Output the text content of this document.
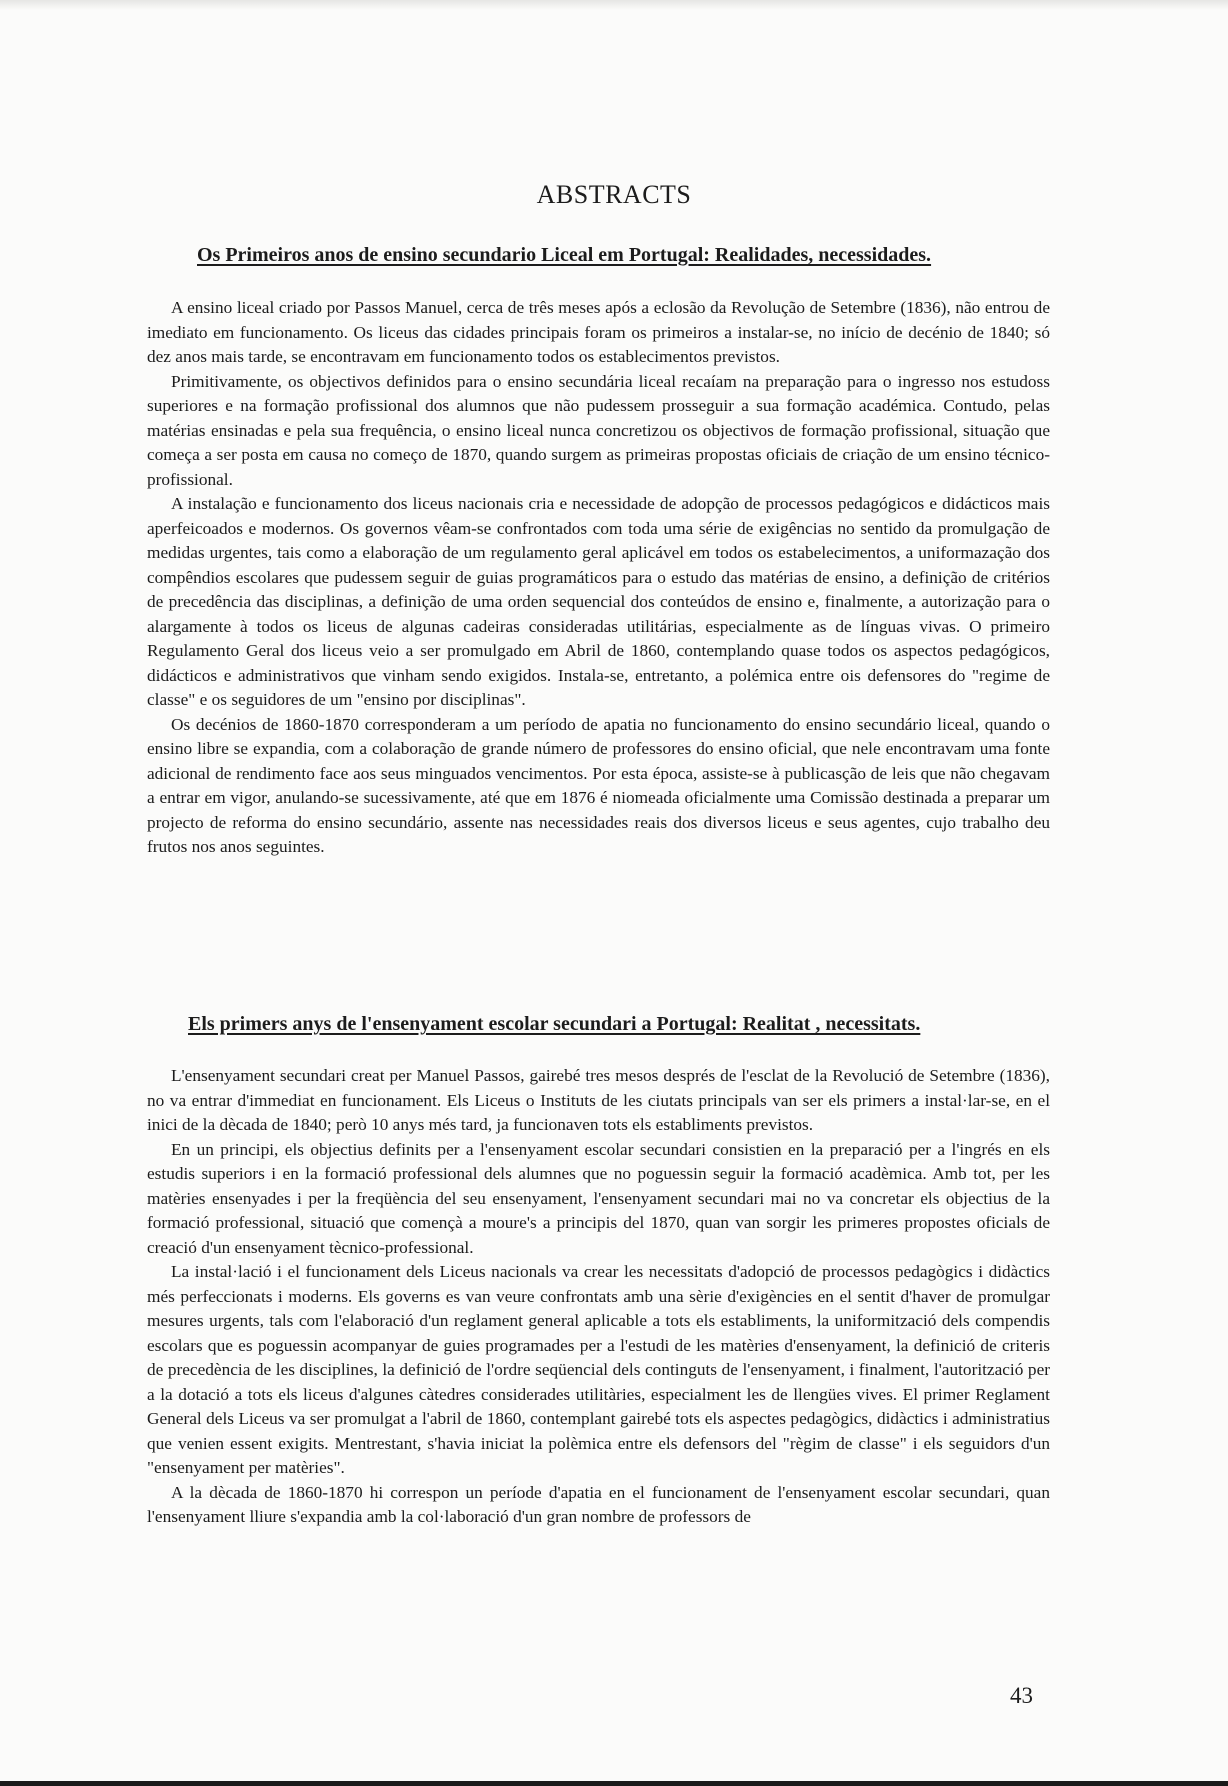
ABSTRACTS
Os Primeiros anos de ensino secundario Liceal em Portugal: Realidades, necessidades.

A ensino liceal criado por Passos Manuel, cerca de três meses após a eclosão da Revolução de Setembre (1836), não entrou de imediato em funcionamento. Os liceus das cidades principais foram os primeiros a instalar-se, no início de decénio de 1840; só dez anos mais tarde, se encontravam em funcionamento todos os establecimentos previstos.

Primitivamente, os objectivos definidos para o ensino secundária liceal recaíam na preparação para o ingresso nos estudoss superiores e na formação profissional dos alumnos que não pudessem prosseguir a sua formação académica. Contudo, pelas matérias ensinadas e pela sua frequência, o ensino liceal nunca concretizou os objectivos de formação profissional, situação que começa a ser posta em causa no começo de 1870, quando surgem as primeiras propostas oficiais de criação de um ensino técnico-profissional.

A instalação e funcionamento dos liceus nacionais cria e necessidade de adopção de processos pedagógicos e didácticos mais aperfeicoados e modernos. Os governos vêam-se confrontados com toda uma série de exigências no sentido da promulgação de medidas urgentes, tais como a elaboração de um regulamento geral aplicável em todos os estabelecimentos, a uniformazação dos compêndios escolares que pudessem seguir de guias programáticos para o estudo das matérias de ensino, a definição de critérios de precedência das disciplinas, a definição de uma orden sequencial dos conteúdos de ensino e, finalmente, a autorização para o alargamente à todos os liceus de algunas cadeiras consideradas utilitárias, especialmente as de línguas vivas. O primeiro Regulamento Geral dos liceus veio a ser promulgado em Abril de 1860, contemplando quase todos os aspectos pedagógicos, didácticos e administrativos que vinham sendo exigidos. Instala-se, entretanto, a polémica entre ois defensores do "regime de classe" e os seguidores de um "ensino por disciplinas".

Os decénios de 1860-1870 corresponderam a um período de apatia no funcionamento do ensino secundário liceal, quando o ensino libre se expandia, com a colaboração de grande número de professores do ensino oficial, que nele encontravam uma fonte adicional de rendimento face aos seus minguados vencimentos. Por esta época, assiste-se à publicasção de leis que não chegavam a entrar em vigor, anulando-se sucessivamente, até que em 1876 é niomeada oficialmente uma Comissão destinada a preparar um projecto de reforma do ensino secundário, assente nas necessidades reais dos diversos liceus e seus agentes, cujo trabalho deu frutos nos anos seguintes.

Els primers anys de l'ensenyament escolar secundari a Portugal: Realitat , necessitats.

L'ensenyament secundari creat per Manuel Passos, gairebé tres mesos després de l'esclat de la Revolució de Setembre (1836), no va entrar d'immediat en funcionament. Els Liceus o Instituts de les ciutats principals van ser els primers a instal·lar-se, en el inici de la dècada de 1840; però 10 anys més tard, ja funcionaven tots els establiments previstos.

En un principi, els objectius definits per a l'ensenyament escolar secundari consistien en la preparació per a l'ingrés en els estudis superiors i en la formació professional dels alumnes que no poguessin seguir la formació acadèmica. Amb tot, per les matèries ensenyades i per la freqüència del seu ensenyament, l'ensenyament secundari mai no va concretar els objectius de la formació professional, situació que començà a moure's a principis del 1870, quan van sorgir les primeres propostes oficials de creació d'un ensenyament tècnico-professional.

La instal·lació i el funcionament dels Liceus nacionals va crear les necessitats d'adopció de processos pedagògics i didàctics més perfeccionats i moderns. Els governs es van veure confrontats amb una sèrie d'exigències en el sentit d'haver de promulgar mesures urgents, tals com l'elaboració d'un reglament general aplicable a tots els establiments, la uniformització dels compendis escolars que es poguessin acompanyar de guies programades per a l'estudi de les matèries d'ensenyament, la definició de criteris de precedència de les disciplines, la definició de l'ordre seqüencial dels continguts de l'ensenyament, i finalment, l'autorització per a la dotació a tots els liceus d'algunes càtedres considerades utilitàries, especialment les de llengües vives. El primer Reglament General dels Liceus va ser promulgat a l'abril de 1860, contemplant gairebé tots els aspectes pedagògics, didàctics i administratius que venien essent exigits. Mentrestant, s'havia iniciat la polèmica entre els defensors del "règim de classe" i els seguidors d'un "ensenyament per matèries".

A la dècada de 1860-1870 hi correspon un període d'apatia en el funcionament de l'ensenyament escolar secundari, quan l'ensenyament lliure s'expandia amb la col·laboració d'un gran nombre de professors de

43
